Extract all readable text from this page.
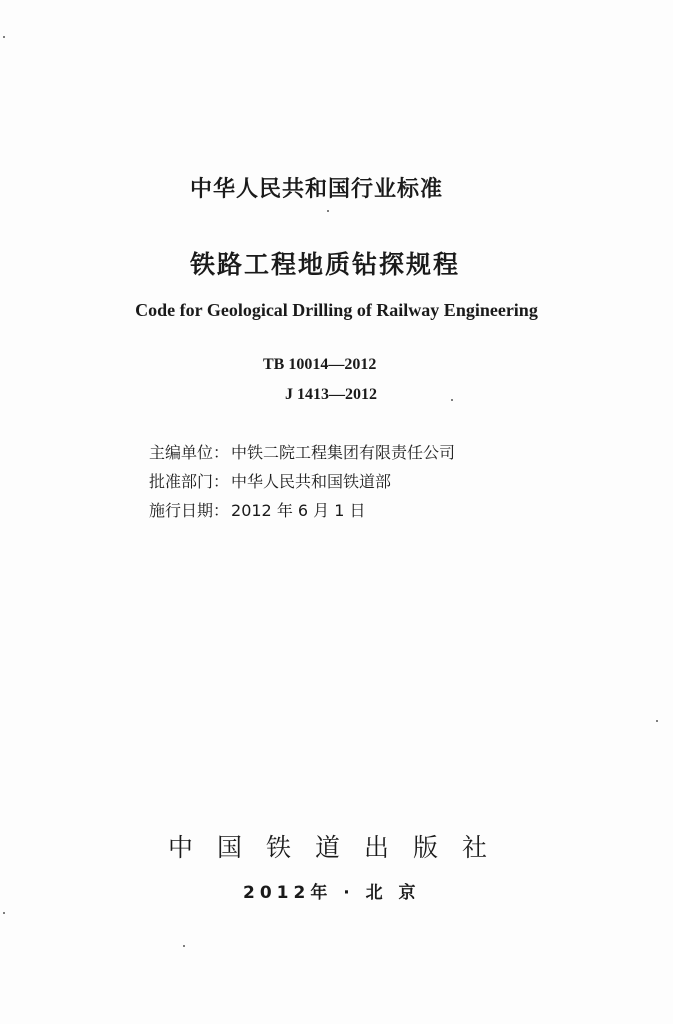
中华人民共和国行业标准
铁路工程地质钻探规程
Code for Geological Drilling of Railway Engineering
TB 10014—2012
J 1413—2012
主编单位： 中铁二院工程集团有限责任公司
批准部门： 中华人民共和国铁道部
施行日期： 2012 年 6 月 1 日
中国铁道出版社
2012年 · 北 京
